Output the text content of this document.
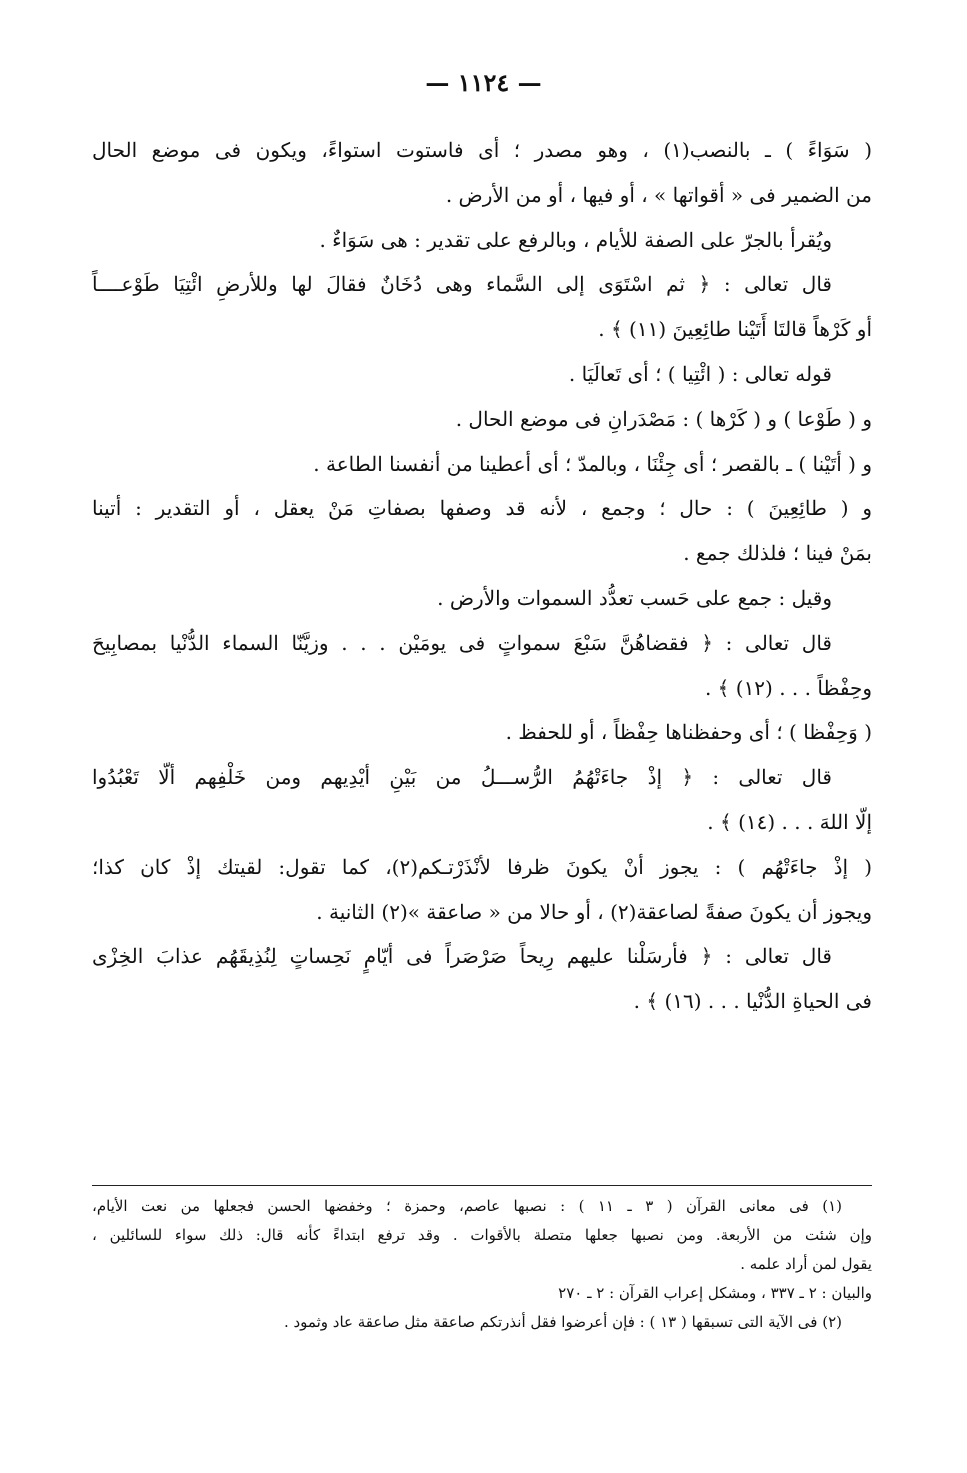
— ١١٢٤ —
( سَوَاءً ) ـ بالنصب(١) ، وهو مصدر ؛ أى فاستوت استواءً، ويكون فى موضع الحال
من الضمير فى « أقواتها » ، أو فيها ، أو من الأرض .
ويُقرأ بالجرّ على الصفة للأيام ، وبالرفع على تقدير : هى سَوَاءٌ .
قال تعالى : ﴿ ثم اسْتَوَى إلى السَّماء وهى دُخَانٌ فقالَ لها وللأرضِ ائْتِيَا طَوْعــــاً
أو كَرْهاً قالتَا أَتَيْنا طائِعِينَ (١١) ﴾ .
قوله تعالى : ( ائْتِيا ) ؛ أى تَعالَيَا .
و ( طَوْعا ) و ( كَرْها ) : مَصْدَرانِ فى موضع الحال .
و ( أتَيْنا ) ـ بالقصر ؛ أى جِئْنَا ، وبالمدّ ؛ أى أعطينا من أنفسنا الطاعة .
و ( طائِعِينَ ) : حال ؛ وجمع ، لأنه قد وصفها بصفاتِ مَنْ يعقل ، أو التقدير : أتينا
بمَنْ فينا ؛ فلذلك جمع .
وقيل : جمع على حَسب تعدُّد السموات والأرض .
قال تعالى : ﴿ فقضاهُنَّ سَبْعَ سمواتٍ فى يومَيْن . . . وزيَّنّا السماء الدُّنْيا بمصابِيحَ
وحِفْظاً . . . (١٢) ﴾ .
( وَحِفْظا ) ؛ أى وحفظناها حِفْظاً ، أو للحفظ .
قال تعالى : ﴿ إذْ جاءَتْهُمُ الرُّســـلُ من بَيْنِ أيْدِيهم ومن خَلْفِهم ألّا تَعْبُدُوا
إلّا اللهَ . . . (١٤) ﴾ .
( إذْ جاءَتْهُم ) : يجوز أنْ يكونَ ظرفا لأنْذَرْتـكم(٢)، كما تقول: لقيتك إذْ كان كذا؛
ويجوز أن يكونَ صفةً لصاعقة(٢) ، أو حالا من « صاعقة »(٢) الثانية .
قال تعالى : ﴿ فأرسَلْنا عليهم رِيحاً صَرْصَراً فى أيّامٍ نَحِساتٍ لِنُذِيقَهُم عذابَ الخِزْى
فى الحياةِ الدُّنْيا . . . (١٦) ﴾ .
(١) فى معانى القرآن ( ٣ ـ ١١ ) : نصبها عاصم، وحمزة ؛ وخفضها الحسن فجعلها من نعت الأيام،
وإن شئت من الأربعة. ومن نصبها جعلها متصلة بالأقوات . وقد ترفع ابتداءً كأنه قال: ذلك سواء للسائلين ،
يقول لمن أراد علمه .
والبيان : ٢ ـ ٣٣٧ ، ومشكل إعراب القرآن : ٢ ـ ٢٧٠
(٢) فى الآية التى تسبقها ( ١٣ ) : فإن أعرضوا فقل أنذرتكم صاعقة مثل صاعقة عاد وثمود .
